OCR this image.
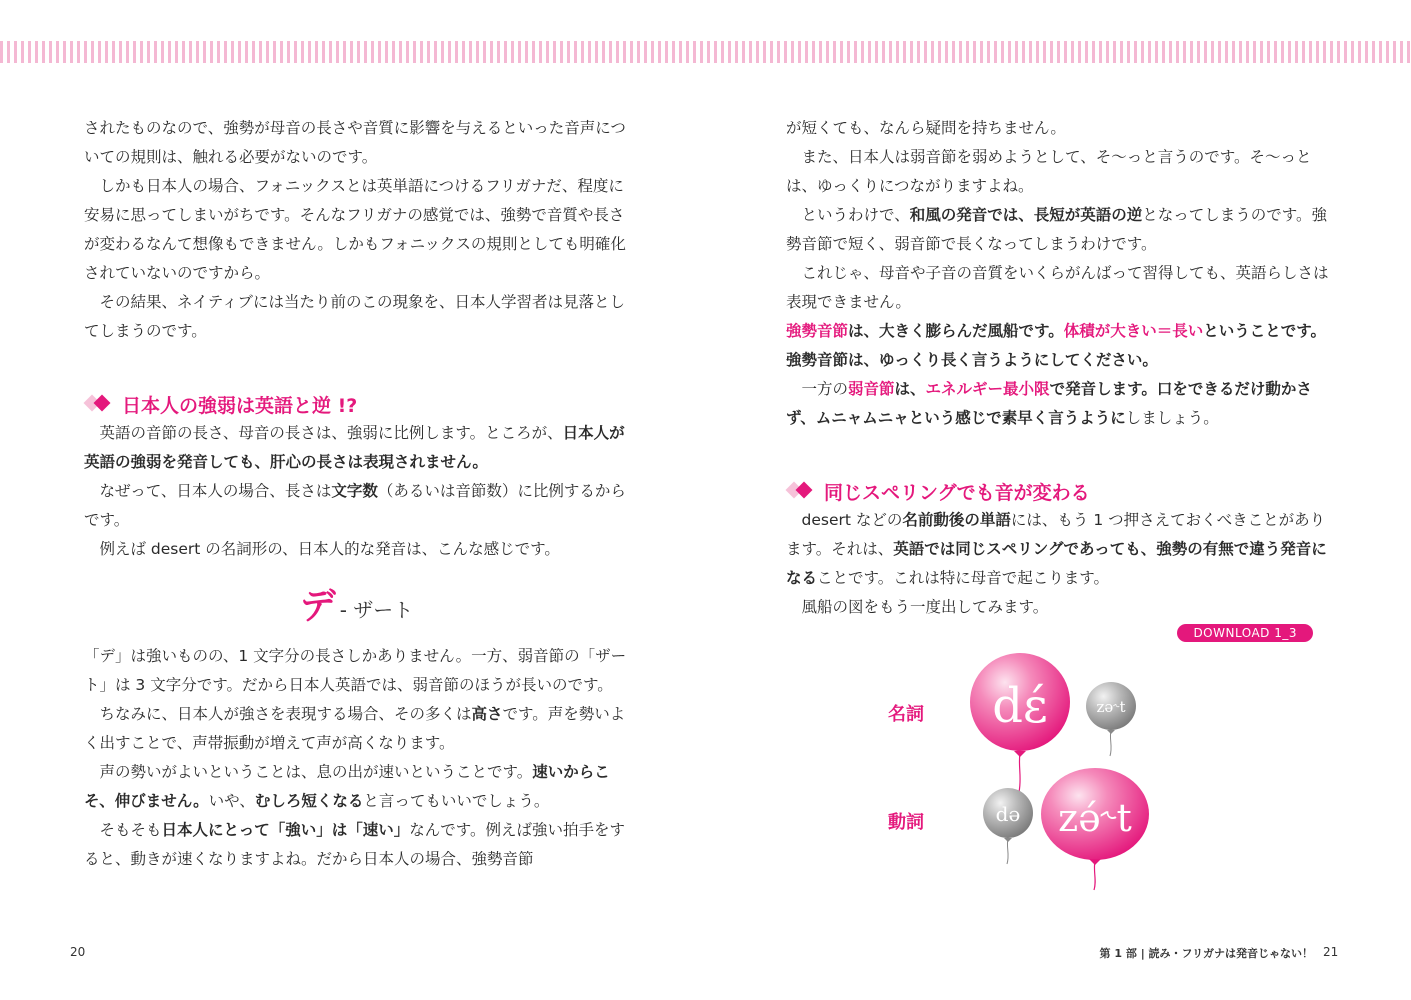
されたものなので、強勢が母音の長さや音質に影響を与えるといった音声についての規則は、触れる必要がないのです。

　しかも日本人の場合、フォニックスとは英単語につけるフリガナだ、程度に安易に思ってしまいがちです。そんなフリガナの感覚では、強勢で音質や長さが変わるなんて想像もできません。しかもフォニックスの規則としても明確化されていないのですから。

　その結果、ネイティブには当たり前のこの現象を、日本人学習者は見落としてしまうのです。

日本人の強弱は英語と逆 !?

　英語の音節の長さ、母音の長さは、強弱に比例します。ところが、日本人が英語の強弱を発音しても、肝心の長さは表現されません。

　なぜって、日本人の場合、長さは文字数（あるいは音節数）に比例するからです。

　例えば desert の名詞形の、日本人的な発音は、こんな感じです。

デ - ザート

「デ」は強いものの、1 文字分の長さしかありません。一方、弱音節の「ザート」は 3 文字分です。だから日本人英語では、弱音節のほうが長いのです。

　ちなみに、日本人が強さを表現する場合、その多くは高さです。声を勢いよく出すことで、声帯振動が増えて声が高くなります。

　声の勢いがよいということは、息の出が速いということです。速いからこそ、伸びません。いや、むしろ短くなると言ってもいいでしょう。

　そもそも日本人にとって「強い」は「速い」なんです。例えば強い拍手をすると、動きが速くなりますよね。だから日本人の場合、強勢音節

20

が短くても、なんら疑問を持ちません。

　また、日本人は弱音節を弱めようとして、そ〜っと言うのです。そ〜っとは、ゆっくりにつながりますよね。

　というわけで、和風の発音では、長短が英語の逆となってしまうのです。強勢音節で短く、弱音節で長くなってしまうわけです。

　これじゃ、母音や子音の音質をいくらがんばって習得しても、英語らしさは表現できません。

強勢音節は、大きく膨らんだ風船です。体積が大きい＝長いということです。強勢音節は、ゆっくり長く言うようにしてください。

　一方の弱音節は、エネルギー最小限で発音します。口をできるだけ動かさず、ムニャムニャという感じで素早く言うようにしましょう。

同じスペリングでも音が変わる

　desert などの名前動後の単語には、もう 1 つ押さえておくべきことがあります。それは、英語では同じスペリングであっても、強勢の有無で違う発音になることです。これは特に母音で起こります。

　風船の図をもう一度出してみます。

DOWNLOAD 1_3
名詞
動詞
dɛ́	zə˞t
də zə́˞t
第 1 部 | 読み・フリガナは発音じゃない！ 21
